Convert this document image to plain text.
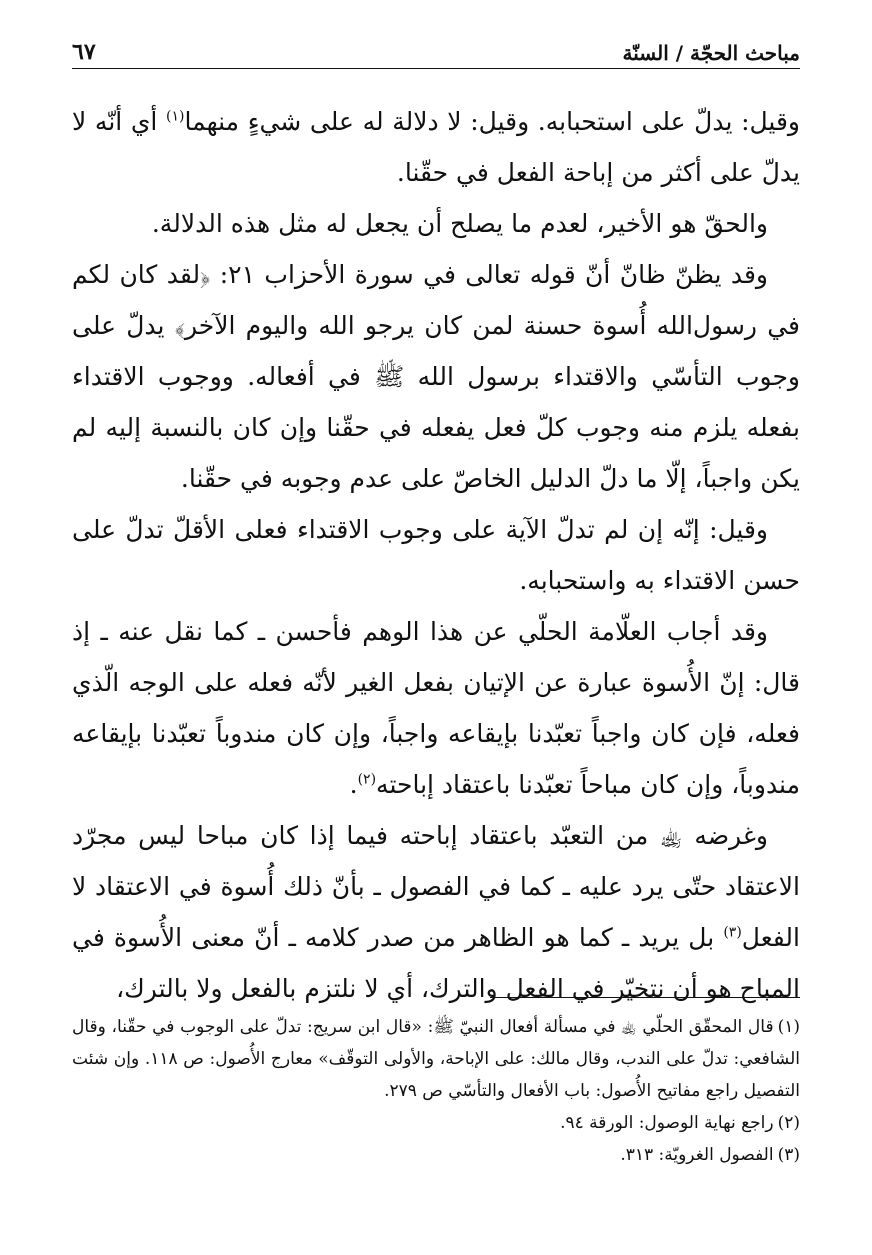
مباحث الحجّة / السنّة
٦٧

وقيل: يدلّ على استحبابه. وقيل: لا دلالة له على شيءٍ منهما$^{(١)}$ أي أنّه لا يدلّ على أكثر من إباحة الفعل في حقّنا.

والحقّ هو الأخير، لعدم ما يصلح أن يجعل له مثل هذه الدلالة.

وقد يظنّ ظانّ أنّ قوله تعالى في سورة الأحزاب ٢١: ﴿لقد كان لكم في رسول‌الله أُسوة حسنة لمن كان يرجو الله واليوم الآخر﴾ يدلّ على وجوب التأسّي والاقتداء برسول الله ﷺ في أفعاله. ووجوب الاقتداء بفعله يلزم منه وجوب كلّ فعل يفعله في حقّنا وإن كان بالنسبة إليه لم يكن واجباً، إلّا ما دلّ الدليل الخاصّ على عدم وجوبه في حقّنا.

وقيل: إنّه إن لم تدلّ الآية على وجوب الاقتداء فعلى الأقلّ تدلّ على حسن الاقتداء به واستحبابه.

وقد أجاب العلّامة الحلّي عن هذا الوهم فأحسن ـ كما نقل عنه ـ إذ قال: إنّ الأُسوة عبارة عن الإتيان بفعل الغير لأنّه فعله على الوجه الّذي فعله، فإن كان واجباً تعبّدنا بإيقاعه واجباً، وإن كان مندوباً تعبّدنا بإيقاعه مندوباً، وإن كان مباحاً تعبّدنا باعتقاد إباحته$^{(٢)}$.

وغرضه ﵀ من التعبّد باعتقاد إباحته فيما إذا كان مباحا ليس مجرّد الاعتقاد حتّى يرد عليه ـ كما في الفصول ـ بأنّ ذلك أُسوة في الاعتقاد لا الفعل$^{(٣)}$ بل يريد ـ كما هو الظاهر من صدر كلامه ـ أنّ معنى الأُسوة في المباح هو أن نتخيّر في الفعل والترك، أي لا نلتزم بالفعل ولا بالترك،

(١)قال المحقّق الحلّي ﵀ في مسألة أفعال النبيّ ﷺ: «قال ابن سريج: تدلّ على الوجوب في حقّنا، وقال الشافعي: تدلّ على الندب، وقال مالك: على الإباحة، والأولى التوقّف» معارج الأُصول: ص ١١٨. وإن شئت التفصيل راجع مفاتيح الأُصول: باب الأفعال والتأسّي ص ٢٧٩.

(٢)راجع نهاية الوصول: الورقة ٩٤.

(٣)الفصول الغرويّة: ٣١٣.
